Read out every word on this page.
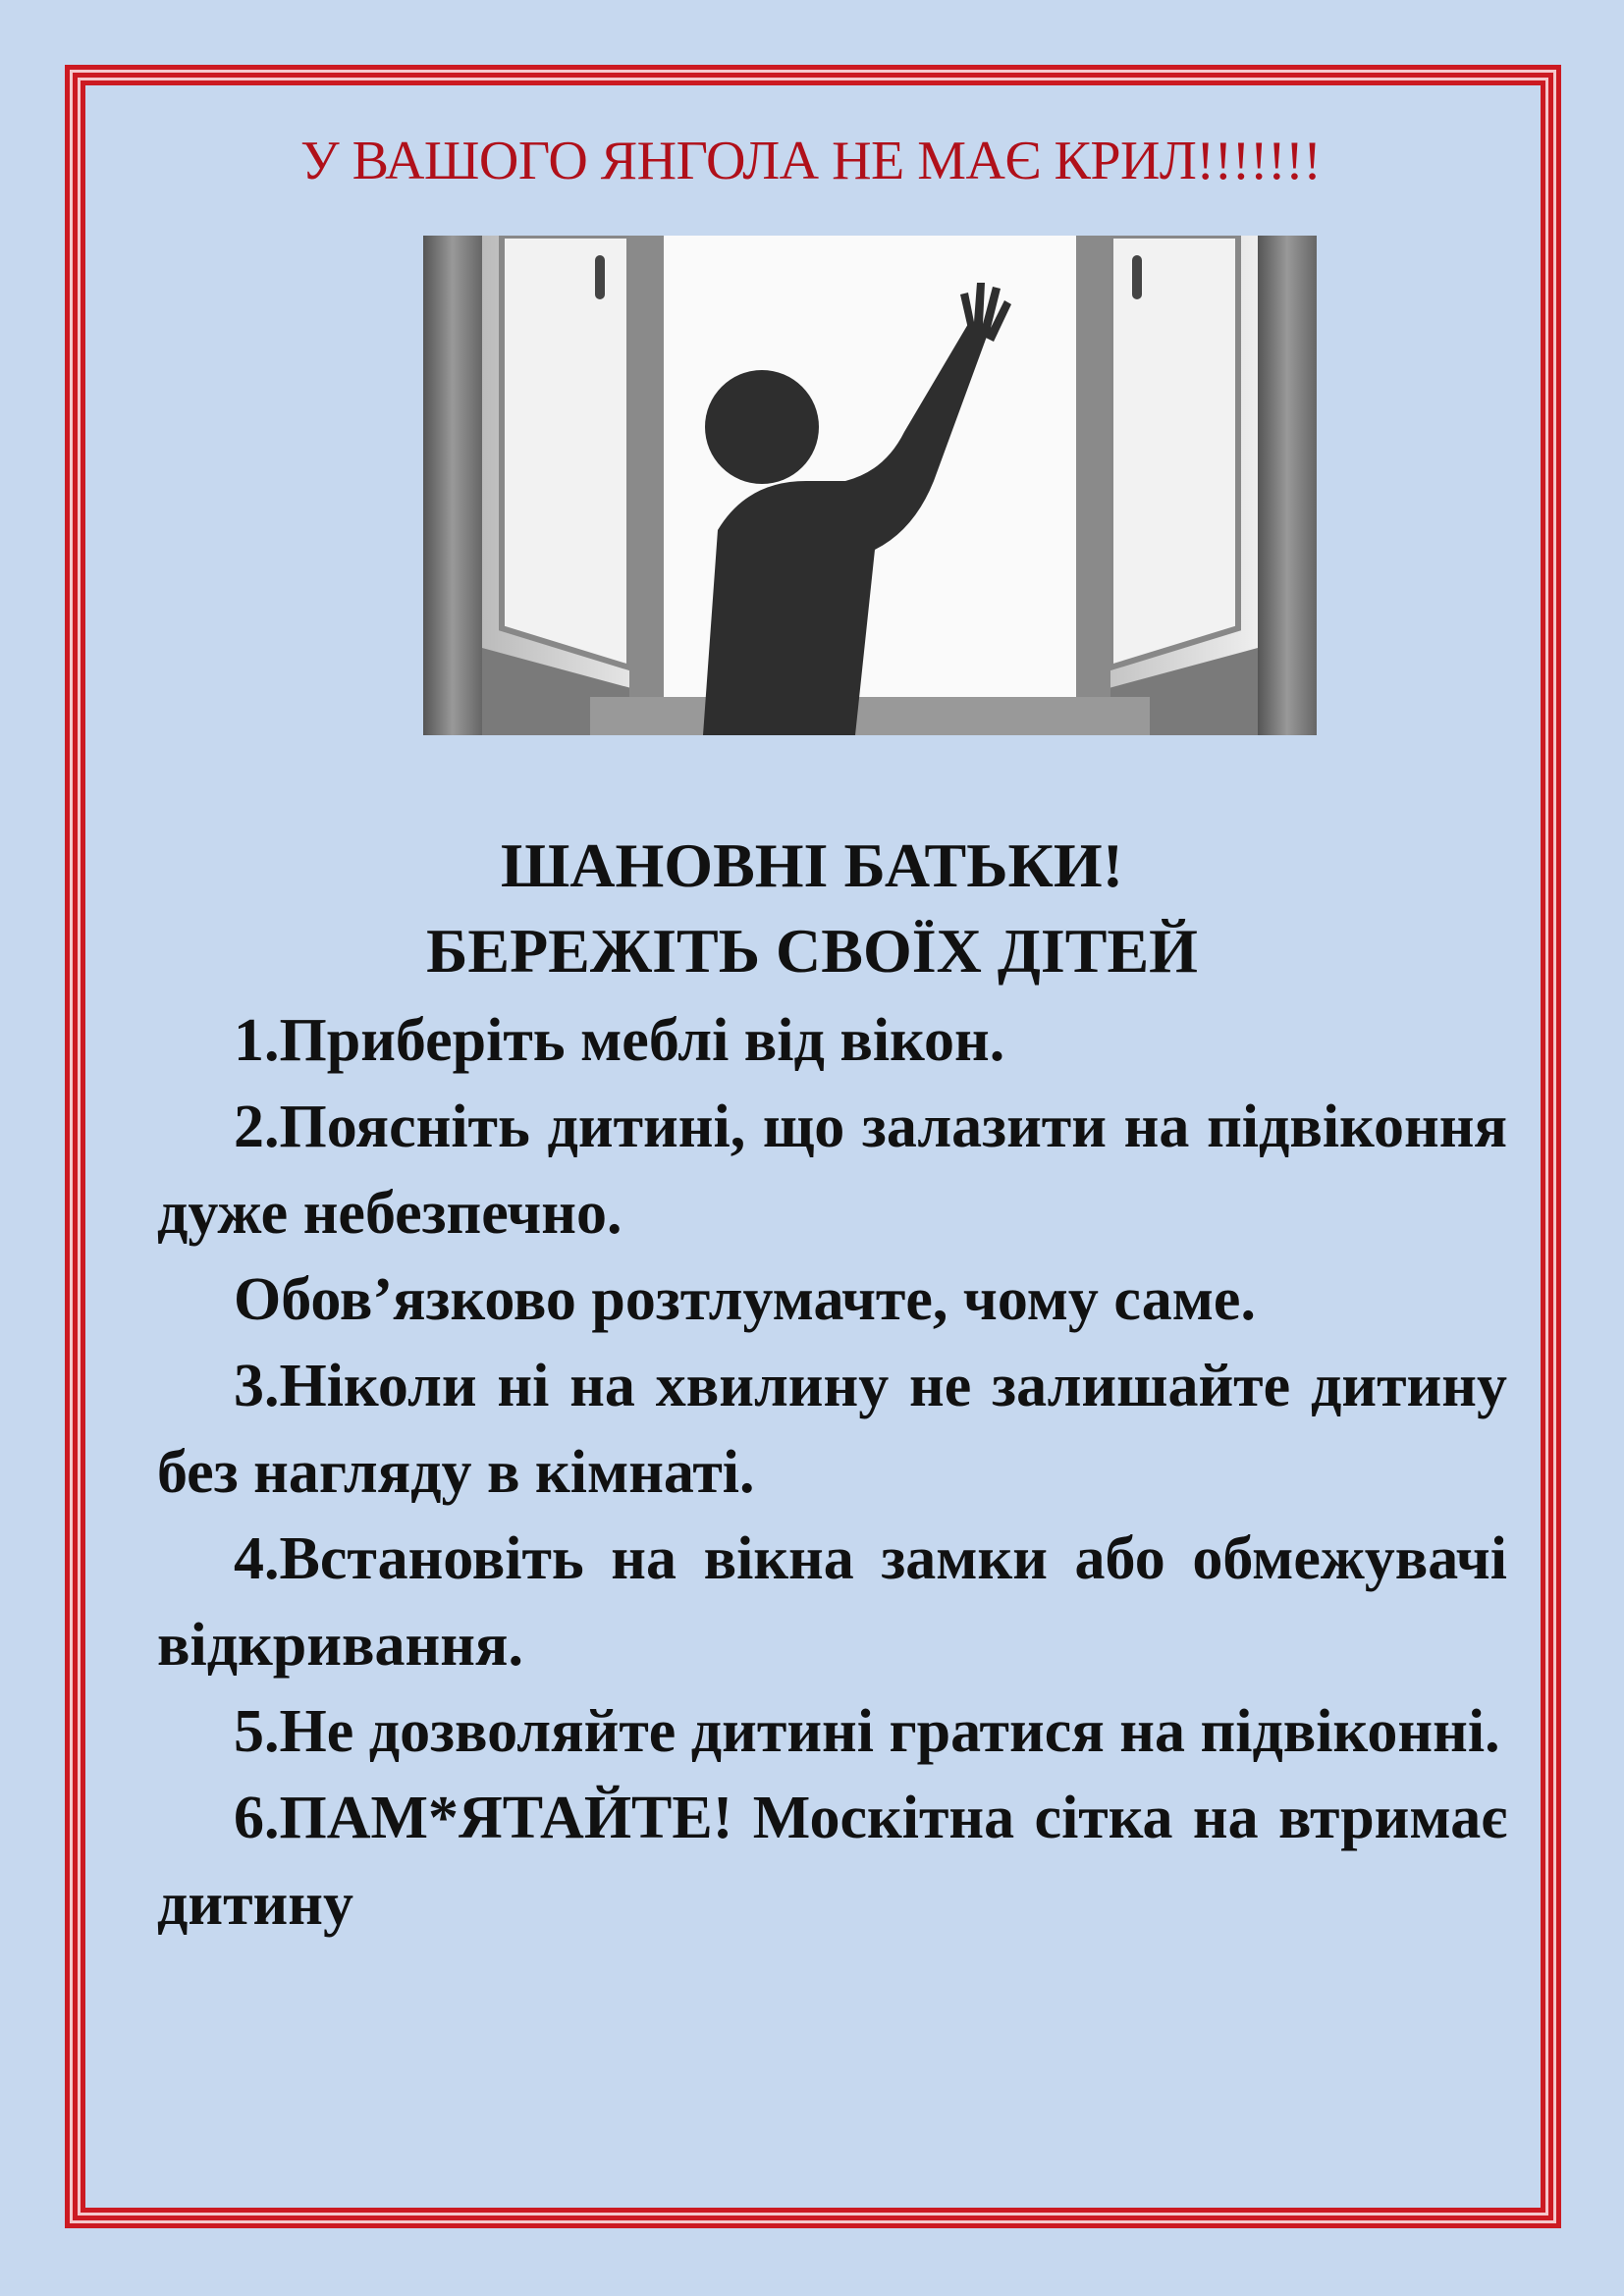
У ВАШОГО ЯНГОЛА НЕ МАЄ КРИЛ!!!!!!!
ШАНОВНІ БАТЬКИ!
БЕРЕЖІТЬ СВОЇХ ДІТЕЙ

1.Приберіть меблі від вікон.

2.Поясніть дитині, що залазити на підвіконня дуже небезпечно.

Обов’язково розтлумачте, чому саме.

3.Ніколи ні на хвилину не залишайте дитину без нагляду в кімнаті.

4.Встановіть на вікна замки або обмежувачі відкривання.

5.Не дозволяйте дитині гратися на підвіконні.

6.ПАМ*ЯТАЙТЕ! Москітна сітка на втримає дитину
